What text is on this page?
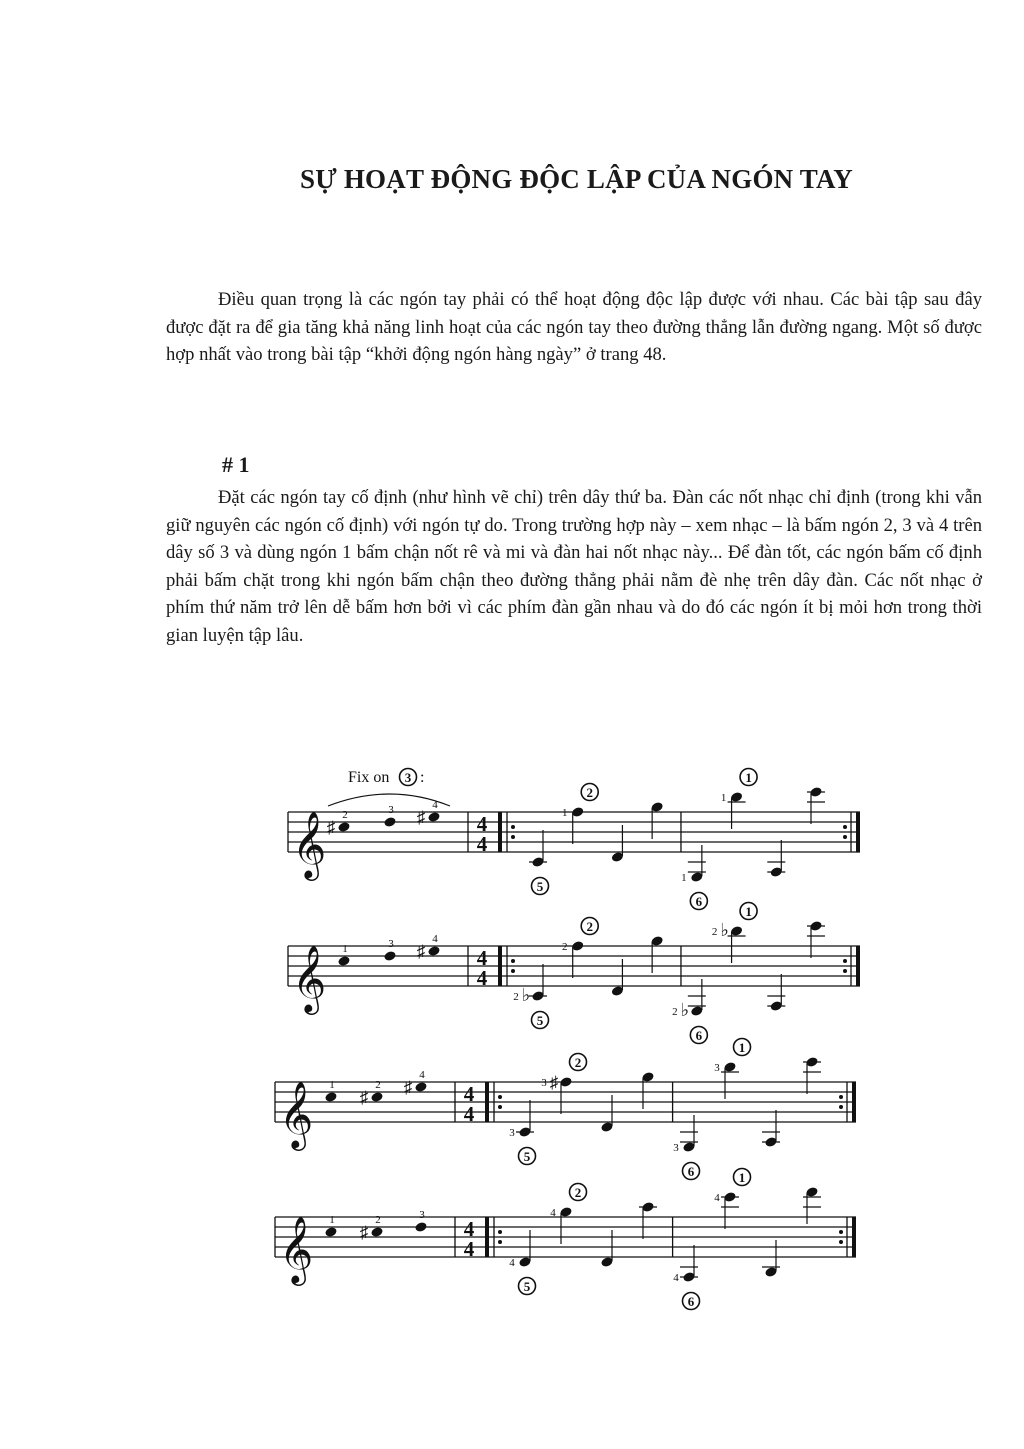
SỰ HOẠT ĐỘNG ĐỘC LẬP CỦA NGÓN TAY

Điều quan trọng là các ngón tay phải có thể hoạt động độc lập được với nhau. Các bài tập sau đây được đặt ra để gia tăng khả năng linh hoạt của các ngón tay theo đường thẳng lẫn đường ngang. Một số được hợp nhất vào trong bài tập “khởi động ngón hàng ngày” ở trang 48.

# 1

Đặt các ngón tay cố định (như hình vẽ chỉ) trên dây thứ ba. Đàn các nốt nhạc chỉ định (trong khi vẫn giữ nguyên các ngón cố định) với ngón tự do. Trong trường hợp này – xem nhạc – là bấm ngón 2, 3 và 4 trên dây số 3 và dùng ngón 1 bấm chận nốt rê và mi và đàn hai nốt nhạc này... Để đàn tốt, các ngón bấm cố định phải bấm chặt trong khi ngón bấm chận theo đường thẳng phải nằm đè nhẹ trên dây đàn. Các nốt nhạc ở phím thứ năm trở lên dễ bấm hơn bởi vì các phím đàn gần nhau và do đó các ngón ít bị mỏi hơn trong thời gian luyện tập lâu.

𝄞 ♯
2	3 ♯
4
Fix on 3 :
4
4
5
1
2
1
6
1
1
𝄞 1	3 ♯
4
4
4
♭
2
5
2
2
♭
2
6
♭
2
1
𝄞 1
♯
2 ♯
4
4
4
3
5
♯
3
2
3
6
3
1
𝄞 1
♯
2	3
4
4
4
5
4
2
4
6
4
1
